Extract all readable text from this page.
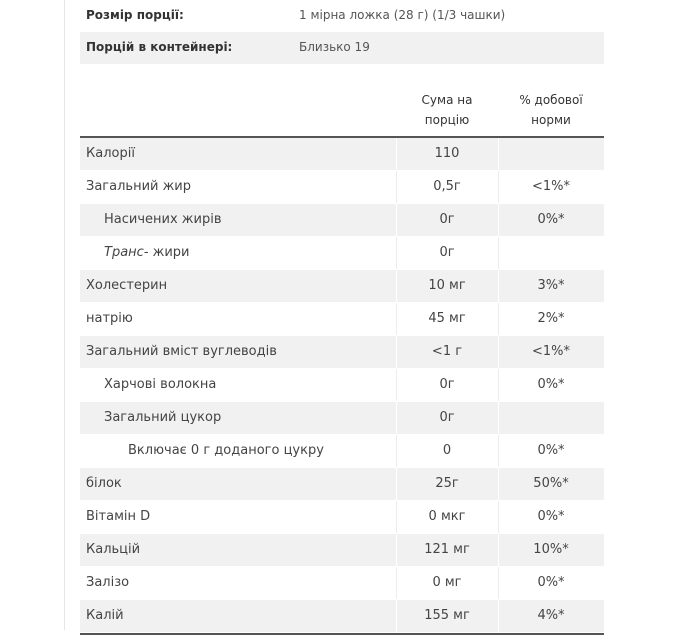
Розмір порції:	1 мірна ложка (28 г) (1/3 чашки)
Порцій в контейнері:	Близько 19
Сума на
порцію
% добової
норми
Калорії	110
Загальний жир	0,5г	<1%*
Насичених жирів	0г	0%*
Транс- жири	0г
Холестерин	10 мг	3%*
натрію	45 мг	2%*
Загальний вміст вуглеводів	<1 г	<1%*
Харчові волокна	0г	0%*
Загальний цукор	0г
Включає 0 г доданого цукру	0	0%*
білок	25г	50%*
Вітамін D	0 мкг	0%*
Кальцій	121 мг	10%*
Залізо	0 мг	0%*
Калій	155 мг	4%*
